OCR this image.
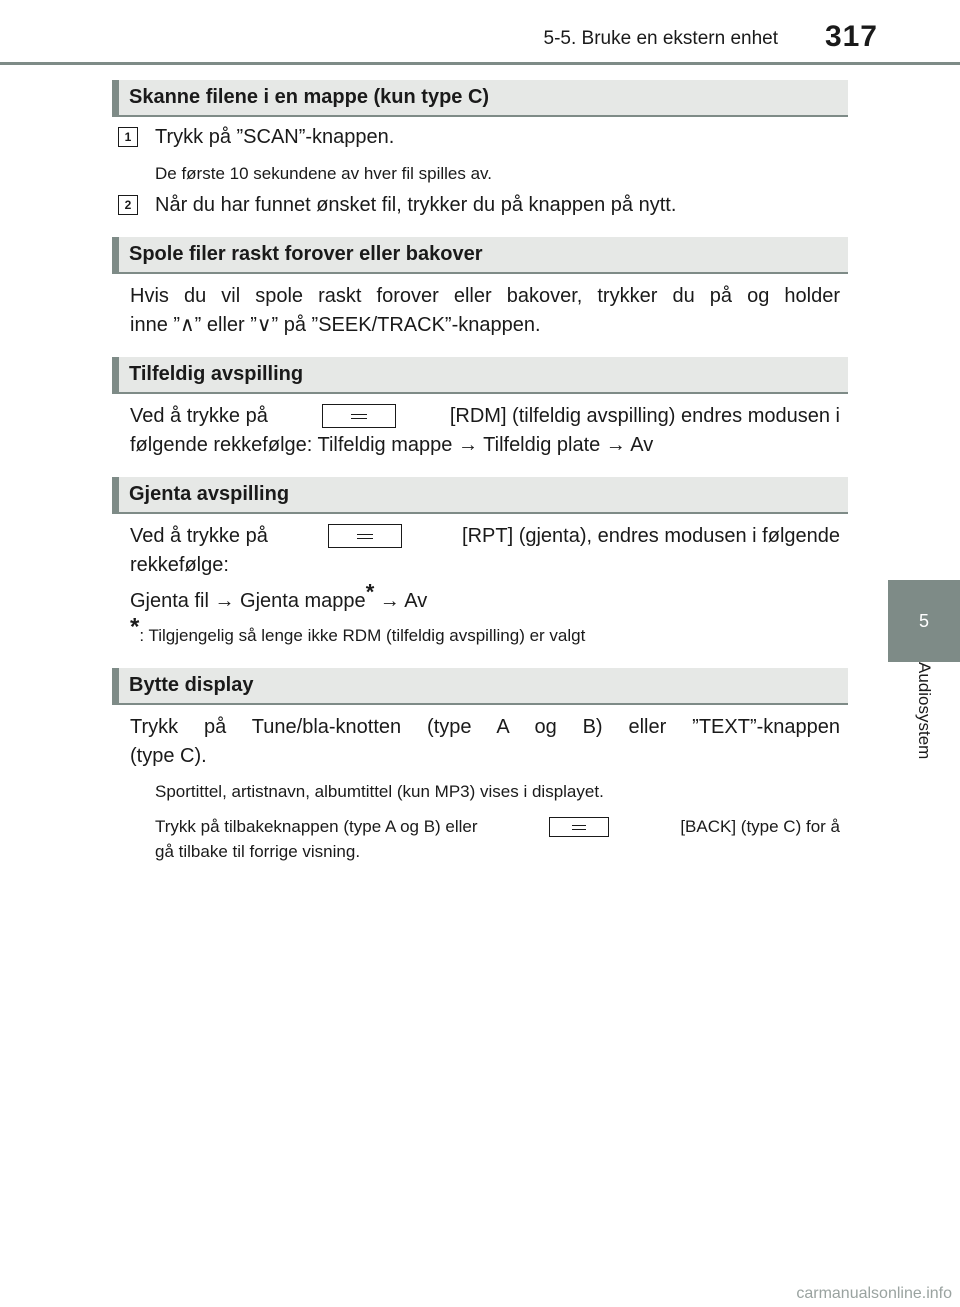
5-5. Bruke en ekstern enhet 317
5
Audiosystem
Skanne filene i en mappe (kun type C)
1	Trykk på ”SCAN”-knappen.
De første 10 sekundene av hver fil spilles av.
2	Når du har funnet ønsket fil, trykker du på knappen på nytt.
Spole filer raskt forover eller bakover
Hvis du vil spole raskt forover eller bakover, trykker du på og holder
inne ”∧” eller ”∨” på ”SEEK/TRACK”-knappen.
Tilfeldig avspilling
Ved å trykke på	[RDM] (tilfeldig avspilling) endres modusen i
følgende rekkefølge: Tilfeldig mappe → Tilfeldig plate → Av
Gjenta avspilling
Ved å trykke på	[RPT] (gjenta), endres modusen i følgende
rekkefølge:
Gjenta fil → Gjenta mappe* → Av
*: Tilgjengelig så lenge ikke RDM (tilfeldig avspilling) er valgt
Bytte display
Trykk på Tune/bla-knotten (type A og B) eller ”TEXT”-knappen
(type C).
Sportittel, artistnavn, albumtittel (kun MP3) vises i displayet.
Trykk på tilbakeknappen (type A og B) eller	[BACK] (type C) for å
gå tilbake til forrige visning.
carmanualsonline.info
